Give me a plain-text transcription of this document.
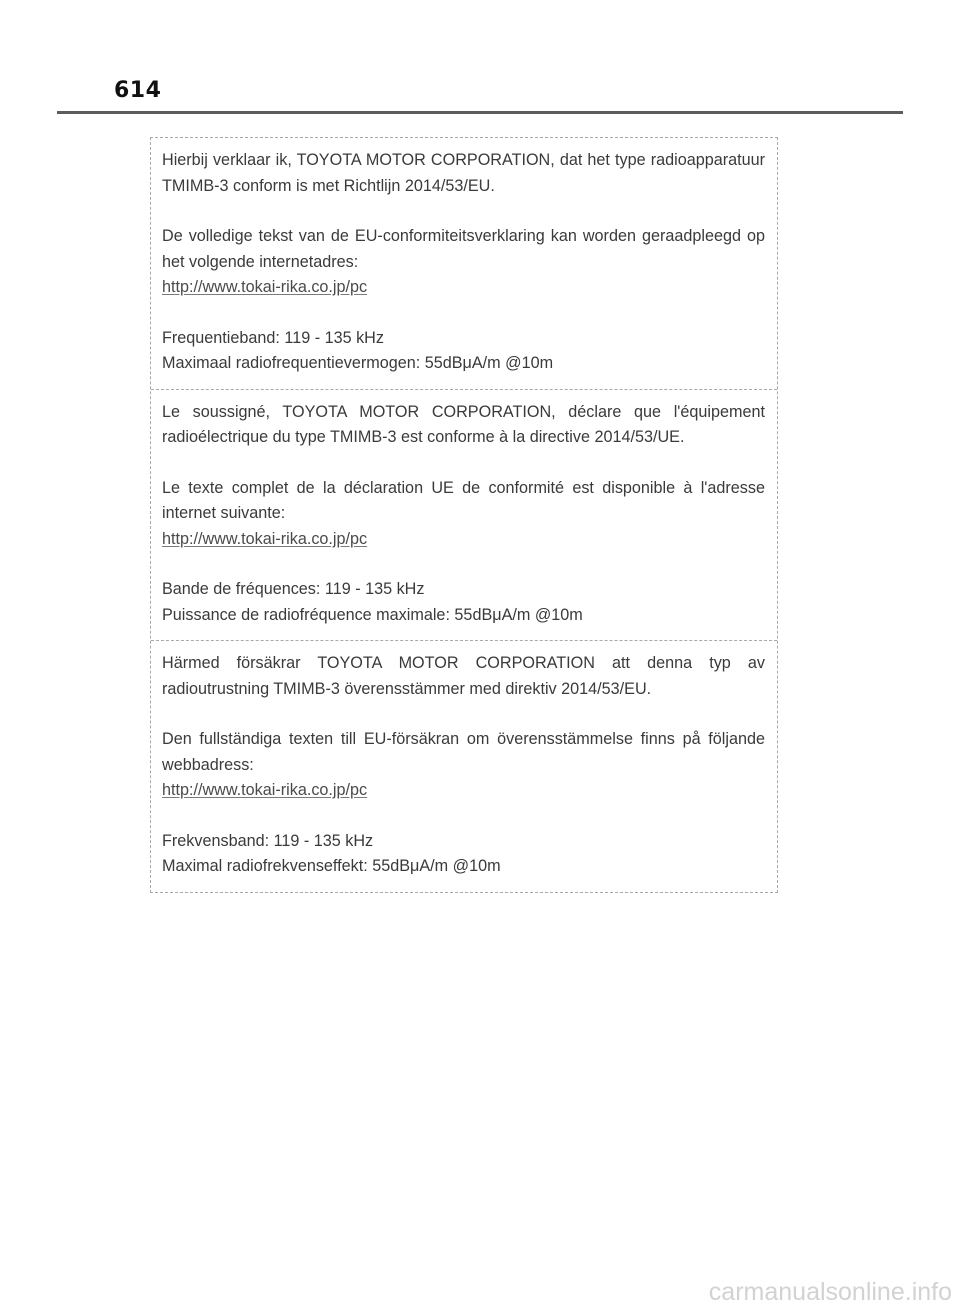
614

Hierbij verklaar ik, TOYOTA MOTOR CORPORATION, dat het type radioapparatuur TMIMB-3 conform is met Richtlijn 2014/53/EU.

De volledige tekst van de EU-conformiteitsverklaring kan worden geraadpleegd op het volgende internetadres:

http://www.tokai-rika.co.jp/pc

Frequentieband: 119 - 135 kHz

Maximaal radiofrequentievermogen: 55dBμA/m @10m

Le soussigné, TOYOTA MOTOR CORPORATION, déclare que l'équipement radioélectrique du type TMIMB-3 est conforme à la directive 2014/53/UE.

Le texte complet de la déclaration UE de conformité est disponible à l'adresse internet suivante:

http://www.tokai-rika.co.jp/pc

Bande de fréquences: 119 - 135 kHz

Puissance de radiofréquence maximale: 55dBμA/m @10m

Härmed försäkrar TOYOTA MOTOR CORPORATION att denna typ av radioutrustning TMIMB-3 överensstämmer med direktiv 2014/53/EU.

Den fullständiga texten till EU-försäkran om överensstämmelse finns på följande webbadress:

http://www.tokai-rika.co.jp/pc

Frekvensband: 119 - 135 kHz

Maximal radiofrekvenseffekt: 55dBμA/m @10m

carmanualsonline.info
